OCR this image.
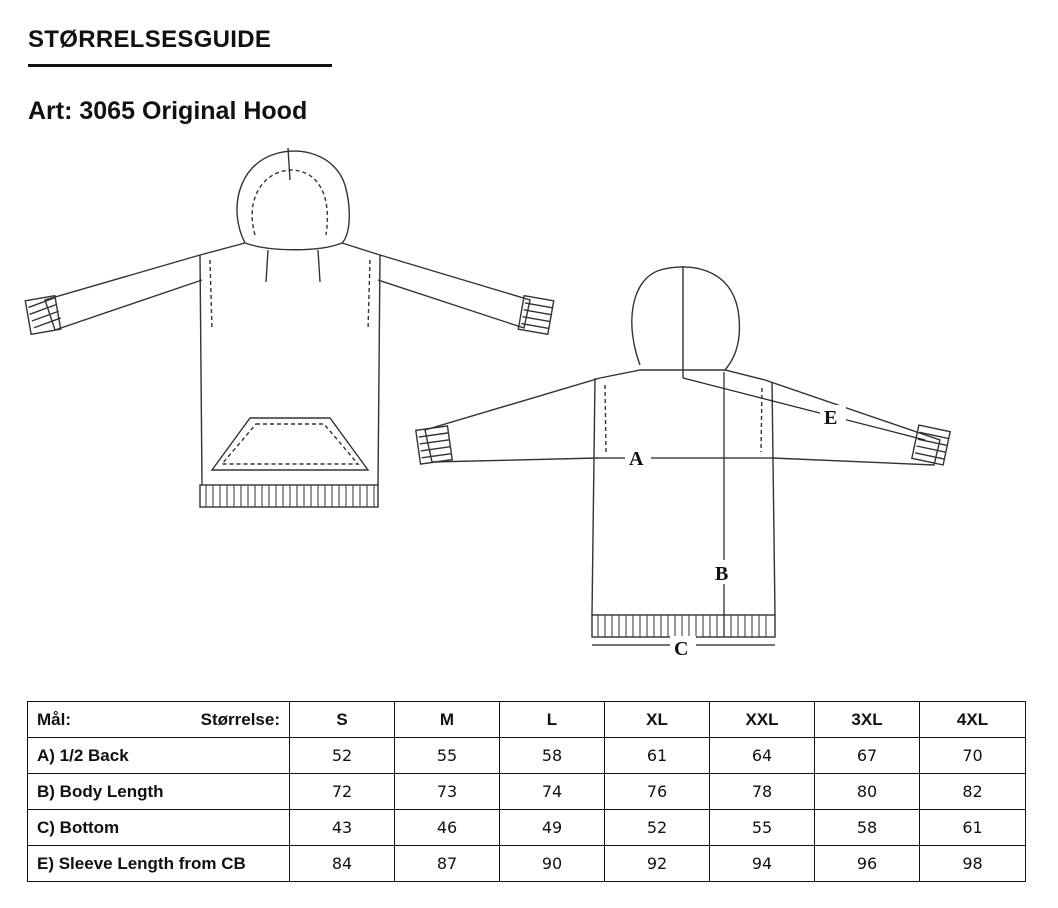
STØRRELSESGUIDE
Art: 3065 Original Hood
A
B
C
E
Mål: Størrelse:	S	M	L	XL	XXL	3XL	4XL
A) 1/2 Back	52	55	58	61	64	67	70
B) Body Length	72	73	74	76	78	80	82
C) Bottom	43	46	49	52	55	58	61
E) Sleeve Length from CB	84	87	90	92	94	96	98
